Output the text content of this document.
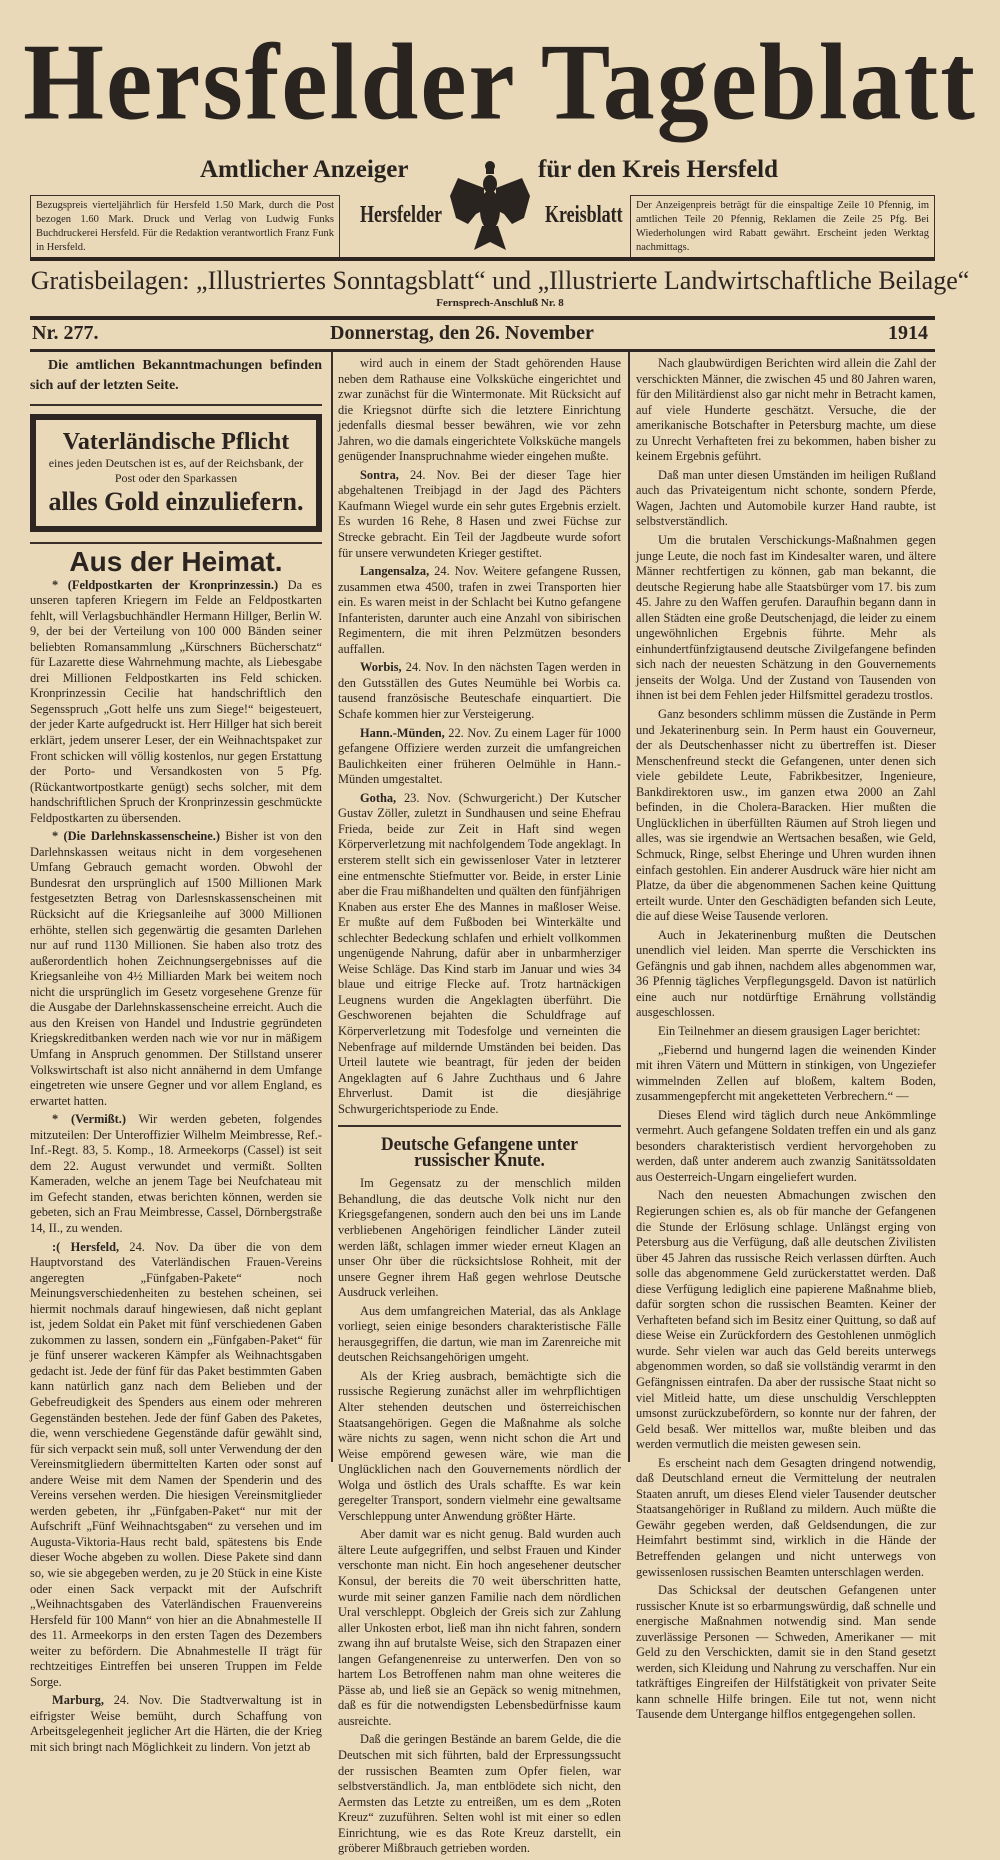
Hersfelder Tageblatt
Amtlicher Anzeiger	für den Kreis Hersfeld
Bezugspreis vierteljährlich für Hersfeld 1.50 Mark, durch die Post bezogen 1.60 Mark. Druck und Verlag von Ludwig Funks Buchdruckerei Hersfeld. Für die Redaktion verantwortlich Franz Funk in Hersfeld.
Hersfelder	Kreisblatt	Der Anzeigenpreis beträgt für die einspaltige Zeile 10 Pfennig, im amtlichen Teile 20 Pfennig, Reklamen die Zeile 25 Pfg. Bei Wiederholungen wird Rabatt gewährt. Erscheint jeden Werktag nachmittags.
Gratisbeilagen: „Illustriertes Sonntagsblatt“ und „Illustrierte Landwirtschaftliche Beilage“
Fernsprech-Anschluß Nr. 8
Nr. 277.	Donnerstag, den 26. November	1914

Die amtlichen Bekanntmachungen befinden sich auf der letzten Seite.

Vaterländische Pflicht
eines jeden Deutschen ist es, auf der Reichsbank, der Post oder den Sparkassen
alles Gold einzuliefern.
Aus der Heimat.

* (Feldpostkarten der Kronprinzessin.) Da es unseren tapferen Kriegern im Felde an Feldpostkarten fehlt, will Verlagsbuchhändler Hermann Hillger, Berlin W. 9, der bei der Verteilung von 100 000 Bänden seiner beliebten Romansammlung „Kürschners Bücherschatz“ für Lazarette diese Wahrnehmung machte, als Liebesgabe drei Millionen Feldpostkarten ins Feld schicken. Kronprinzessin Cecilie hat handschriftlich den Segensspruch „Gott helfe uns zum Siege!“ beigesteuert, der jeder Karte aufgedruckt ist. Herr Hillger hat sich bereit erklärt, jedem unserer Leser, der ein Weihnachtspaket zur Front schicken will völlig kostenlos, nur gegen Erstattung der Porto- und Versandkosten von 5 Pfg. (Rückantwortpostkarte genügt) sechs solcher, mit dem handschriftlichen Spruch der Kronprinzessin geschmückte Feldpostkarten zu übersenden.

* (Die Darlehnskassenscheine.) Bisher ist von den Darlehnskassen weitaus nicht in dem vorgesehenen Umfang Gebrauch gemacht worden. Obwohl der Bundesrat den ursprünglich auf 1500 Millionen Mark festgesetzten Betrag von Darlesnskassenscheinen mit Rücksicht auf die Kriegsanleihe auf 3000 Millionen erhöhte, stellen sich gegenwärtig die gesamten Darlehen nur auf rund 1130 Millionen. Sie haben also trotz des außerordentlich hohen Zeichnungsergebnisses auf die Kriegsanleihe von 4½ Milliarden Mark bei weitem noch nicht die ursprünglich im Gesetz vorgesehene Grenze für die Ausgabe der Darlehnskassenscheine erreicht. Auch die aus den Kreisen von Handel und Industrie gegründeten Kriegskreditbanken werden nach wie vor nur in mäßigem Umfang in Anspruch genommen. Der Stillstand unserer Volkswirtschaft ist also nicht annähernd in dem Umfange eingetreten wie unsere Gegner und vor allem England, es erwartet hatten.

* (Vermißt.) Wir werden gebeten, folgendes mitzuteilen: Der Unteroffizier Wilhelm Meimbresse, Ref.-Inf.-Regt. 83, 5. Komp., 18. Armeekorps (Cassel) ist seit dem 22. August verwundet und vermißt. Sollten Kameraden, welche an jenem Tage bei Neufchateau mit im Gefecht standen, etwas berichten können, werden sie gebeten, sich an Frau Meimbresse, Cassel, Dörnbergstraße 14, II., zu wenden.

:( Hersfeld, 24. Nov. Da über die von dem Hauptvorstand des Vaterländischen Frauen-Vereins angeregten „Fünfgaben-Pakete“ noch Meinungsverschiedenheiten zu bestehen scheinen, sei hiermit nochmals darauf hingewiesen, daß nicht geplant ist, jedem Soldat ein Paket mit fünf verschiedenen Gaben zukommen zu lassen, sondern ein „Fünfgaben-Paket“ für je fünf unserer wackeren Kämpfer als Weihnachtsgaben gedacht ist. Jede der fünf für das Paket bestimmten Gaben kann natürlich ganz nach dem Belieben und der Gebefreudigkeit des Spenders aus einem oder mehreren Gegenständen bestehen. Jede der fünf Gaben des Paketes, die, wenn verschiedene Gegenstände dafür gewählt sind, für sich verpackt sein muß, soll unter Verwendung der den Vereinsmitgliedern übermittelten Karten oder sonst auf andere Weise mit dem Namen der Spenderin und des Vereins versehen werden. Die hiesigen Vereinsmitglieder werden gebeten, ihr „Fünfgaben-Paket“ nur mit der Aufschrift „Fünf Weihnachtsgaben“ zu versehen und im Augusta-Viktoria-Haus recht bald, spätestens bis Ende dieser Woche abgeben zu wollen. Diese Pakete sind dann so, wie sie abgegeben werden, zu je 20 Stück in eine Kiste oder einen Sack verpackt mit der Aufschrift „Weihnachtsgaben des Vaterländischen Frauenvereins Hersfeld für 100 Mann“ von hier an die Abnahmestelle II des 11. Armeekorps in den ersten Tagen des Dezembers weiter zu befördern. Die Abnahmestelle II trägt für rechtzeitiges Eintreffen bei unseren Truppen im Felde Sorge.

Marburg, 24. Nov. Die Stadtverwaltung ist in eifrigster Weise bemüht, durch Schaffung von Arbeitsgelegenheit jeglicher Art die Härten, die der Krieg mit sich bringt nach Möglichkeit zu lindern. Von jetzt ab

wird auch in einem der Stadt gehörenden Hause neben dem Rathause eine Volksküche eingerichtet und zwar zunächst für die Wintermonate. Mit Rücksicht auf die Kriegsnot dürfte sich die letztere Einrichtung jedenfalls diesmal besser bewähren, wie vor zehn Jahren, wo die damals eingerichtete Volksküche mangels genügender Inanspruchnahme wieder eingehen mußte.

Sontra, 24. Nov. Bei der dieser Tage hier abgehaltenen Treibjagd in der Jagd des Pächters Kaufmann Wiegel wurde ein sehr gutes Ergebnis erzielt. Es wurden 16 Rehe, 8 Hasen und zwei Füchse zur Strecke gebracht. Ein Teil der Jagdbeute wurde sofort für unsere verwundeten Krieger gestiftet.

Langensalza, 24. Nov. Weitere gefangene Russen, zusammen etwa 4500, trafen in zwei Transporten hier ein. Es waren meist in der Schlacht bei Kutno gefangene Infanteristen, darunter auch eine Anzahl von sibirischen Regimentern, die mit ihren Pelzmützen besonders auffallen.

Worbis, 24. Nov. In den nächsten Tagen werden in den Gutsställen des Gutes Neumühle bei Worbis ca. tausend französische Beuteschafe einquartiert. Die Schafe kommen hier zur Versteigerung.

Hann.-Münden, 22. Nov. Zu einem Lager für 1000 gefangene Offiziere werden zurzeit die umfangreichen Baulichkeiten einer früheren Oelmühle in Hann.-Münden umgestaltet.

Gotha, 23. Nov. (Schwurgericht.) Der Kutscher Gustav Zöller, zuletzt in Sundhausen und seine Ehefrau Frieda, beide zur Zeit in Haft sind wegen Körperverletzung mit nachfolgendem Tode angeklagt. In ersterem stellt sich ein gewissenloser Vater in letzterer eine entmenschte Stiefmutter vor. Beide, in erster Linie aber die Frau mißhandelten und quälten den fünfjährigen Knaben aus erster Ehe des Mannes in maßloser Weise. Er mußte auf dem Fußboden bei Winterkälte und schlechter Bedeckung schlafen und erhielt vollkommen ungenügende Nahrung, dafür aber in unbarmherziger Weise Schläge. Das Kind starb im Januar und wies 34 blaue und eitrige Flecke auf. Trotz hartnäckigen Leugnens wurden die Angeklagten überführt. Die Geschworenen bejahten die Schuldfrage auf Körperverletzung mit Todesfolge und verneinten die Nebenfrage auf mildernde Umständen bei beiden. Das Urteil lautete wie beantragt, für jeden der beiden Angeklagten auf 6 Jahre Zuchthaus und 6 Jahre Ehrverlust. Damit ist die diesjährige Schwurgerichtsperiode zu Ende.

Deutsche Gefangene unter russischer Knute.

Im Gegensatz zu der menschlich milden Behandlung, die das deutsche Volk nicht nur den Kriegsgefangenen, sondern auch den bei uns im Lande verbliebenen Angehörigen feindlicher Länder zuteil werden läßt, schlagen immer wieder erneut Klagen an unser Ohr über die rücksichtslose Rohheit, mit der unsere Gegner ihrem Haß gegen wehrlose Deutsche Ausdruck verleihen.

Aus dem umfangreichen Material, das als Anklage vorliegt, seien einige besonders charakteristische Fälle herausgegriffen, die dartun, wie man im Zarenreiche mit deutschen Reichsangehörigen umgeht.

Als der Krieg ausbrach, bemächtigte sich die russische Regierung zunächst aller im wehrpflichtigen Alter stehenden deutschen und österreichischen Staatsangehörigen. Gegen die Maßnahme als solche wäre nichts zu sagen, wenn nicht schon die Art und Weise empörend gewesen wäre, wie man die Unglücklichen nach den Gouvernements nördlich der Wolga und östlich des Urals schaffte. Es war kein geregelter Transport, sondern vielmehr eine gewaltsame Verschleppung unter Anwendung größter Härte.

Aber damit war es nicht genug. Bald wurden auch ältere Leute aufgegriffen, und selbst Frauen und Kinder verschonte man nicht. Ein hoch angesehener deutscher Konsul, der bereits die 70 weit überschritten hatte, wurde mit seiner ganzen Familie nach dem nördlichen Ural verschleppt. Obgleich der Greis sich zur Zahlung aller Unkosten erbot, ließ man ihn nicht fahren, sondern zwang ihn auf brutalste Weise, sich den Strapazen einer langen Gefangenenreise zu unterwerfen. Den von so hartem Los Betroffenen nahm man ohne weiteres die Pässe ab, und ließ sie an Gepäck so wenig mitnehmen, daß es für die notwendigsten Lebensbedürfnisse kaum ausreichte.

Daß die geringen Bestände an barem Gelde, die die Deutschen mit sich führten, bald der Erpressungssucht der russischen Beamten zum Opfer fielen, war selbstverständlich. Ja, man entblödete sich nicht, den Aermsten das Letzte zu entreißen, um es dem „Roten Kreuz“ zuzuführen. Selten wohl ist mit einer so edlen Einrichtung, wie es das Rote Kreuz darstellt, ein gröberer Mißbrauch getrieben worden.

Nach glaubwürdigen Berichten wird allein die Zahl der verschickten Männer, die zwischen 45 und 80 Jahren waren, für den Militärdienst also gar nicht mehr in Betracht kamen, auf viele Hunderte geschätzt. Versuche, die der amerikanische Botschafter in Petersburg machte, um diese zu Unrecht Verhafteten frei zu bekommen, haben bisher zu keinem Ergebnis geführt.

Daß man unter diesen Umständen im heiligen Rußland auch das Privateigentum nicht schonte, sondern Pferde, Wagen, Jachten und Automobile kurzer Hand raubte, ist selbstverständlich.

Um die brutalen Verschickungs-Maßnahmen gegen junge Leute, die noch fast im Kindesalter waren, und ältere Männer rechtfertigen zu können, gab man bekannt, die deutsche Regierung habe alle Staatsbürger vom 17. bis zum 45. Jahre zu den Waffen gerufen. Daraufhin begann dann in allen Städten eine große Deutschenjagd, die leider zu einem ungewöhnlichen Ergebnis führte. Mehr als einhundertfünfzigtausend deutsche Zivilgefangene befinden sich nach der neuesten Schätzung in den Gouvernements jenseits der Wolga. Und der Zustand von Tausenden von ihnen ist bei dem Fehlen jeder Hilfsmittel geradezu trostlos.

Ganz besonders schlimm müssen die Zustände in Perm und Jekaterinenburg sein. In Perm haust ein Gouverneur, der als Deutschenhasser nicht zu übertreffen ist. Dieser Menschenfreund steckt die Gefangenen, unter denen sich viele gebildete Leute, Fabrikbesitzer, Ingenieure, Bankdirektoren usw., im ganzen etwa 2000 an Zahl befinden, in die Cholera-Baracken. Hier mußten die Unglücklichen in überfüllten Räumen auf Stroh liegen und alles, was sie irgendwie an Wertsachen besaßen, wie Geld, Schmuck, Ringe, selbst Eheringe und Uhren wurden ihnen einfach gestohlen. Ein anderer Ausdruck wäre hier nicht am Platze, da über die abgenommenen Sachen keine Quittung erteilt wurde. Unter den Geschädigten befanden sich Leute, die auf diese Weise Tausende verloren.

Auch in Jekaterinenburg mußten die Deutschen unendlich viel leiden. Man sperrte die Verschickten ins Gefängnis und gab ihnen, nachdem alles abgenommen war, 36 Pfennig tägliches Verpflegungsgeld. Davon ist natürlich eine auch nur notdürftige Ernährung vollständig ausgeschlossen.

Ein Teilnehmer an diesem grausigen Lager berichtet:

„Fiebernd und hungernd lagen die weinenden Kinder mit ihren Vätern und Müttern in stinkigen, von Ungeziefer wimmelnden Zellen auf bloßem, kaltem Boden, zusammengepfercht mit angeketteten Verbrechern.“ —

Dieses Elend wird täglich durch neue Ankömmlinge vermehrt. Auch gefangene Soldaten treffen ein und als ganz besonders charakteristisch verdient hervorgehoben zu werden, daß unter anderem auch zwanzig Sanitätssoldaten aus Oesterreich-Ungarn eingeliefert wurden.

Nach den neuesten Abmachungen zwischen den Regierungen schien es, als ob für manche der Gefangenen die Stunde der Erlösung schlage. Unlängst erging von Petersburg aus die Verfügung, daß alle deutschen Zivilisten über 45 Jahren das russische Reich verlassen dürften. Auch solle das abgenommene Geld zurückerstattet werden. Daß diese Verfügung lediglich eine papierene Maßnahme blieb, dafür sorgten schon die russischen Beamten. Keiner der Verhafteten befand sich im Besitz einer Quittung, so daß auf diese Weise ein Zurückfordern des Gestohlenen unmöglich wurde. Sehr vielen war auch das Geld bereits unterwegs abgenommen worden, so daß sie vollständig verarmt in den Gefängnissen eintrafen. Da aber der russische Staat nicht so viel Mitleid hatte, um diese unschuldig Verschleppten umsonst zurückzubefördern, so konnte nur der fahren, der Geld besaß. Wer mittellos war, mußte bleiben und das werden vermutlich die meisten gewesen sein.

Es erscheint nach dem Gesagten dringend notwendig, daß Deutschland erneut die Vermittelung der neutralen Staaten anruft, um dieses Elend vieler Tausender deutscher Staatsangehöriger in Rußland zu mildern. Auch müßte die Gewähr gegeben werden, daß Geldsendungen, die zur Heimfahrt bestimmt sind, wirklich in die Hände der Betreffenden gelangen und nicht unterwegs von gewissenlosen russischen Beamten unterschlagen werden.

Das Schicksal der deutschen Gefangenen unter russischer Knute ist so erbarmungswürdig, daß schnelle und energische Maßnahmen notwendig sind. Man sende zuverlässige Personen — Schweden, Amerikaner — mit Geld zu den Verschickten, damit sie in den Stand gesetzt werden, sich Kleidung und Nahrung zu verschaffen. Nur ein tatkräftiges Eingreifen der Hilfstätigkeit von privater Seite kann schnelle Hilfe bringen. Eile tut not, wenn nicht Tausende dem Untergange hilflos entgegengehen sollen.
